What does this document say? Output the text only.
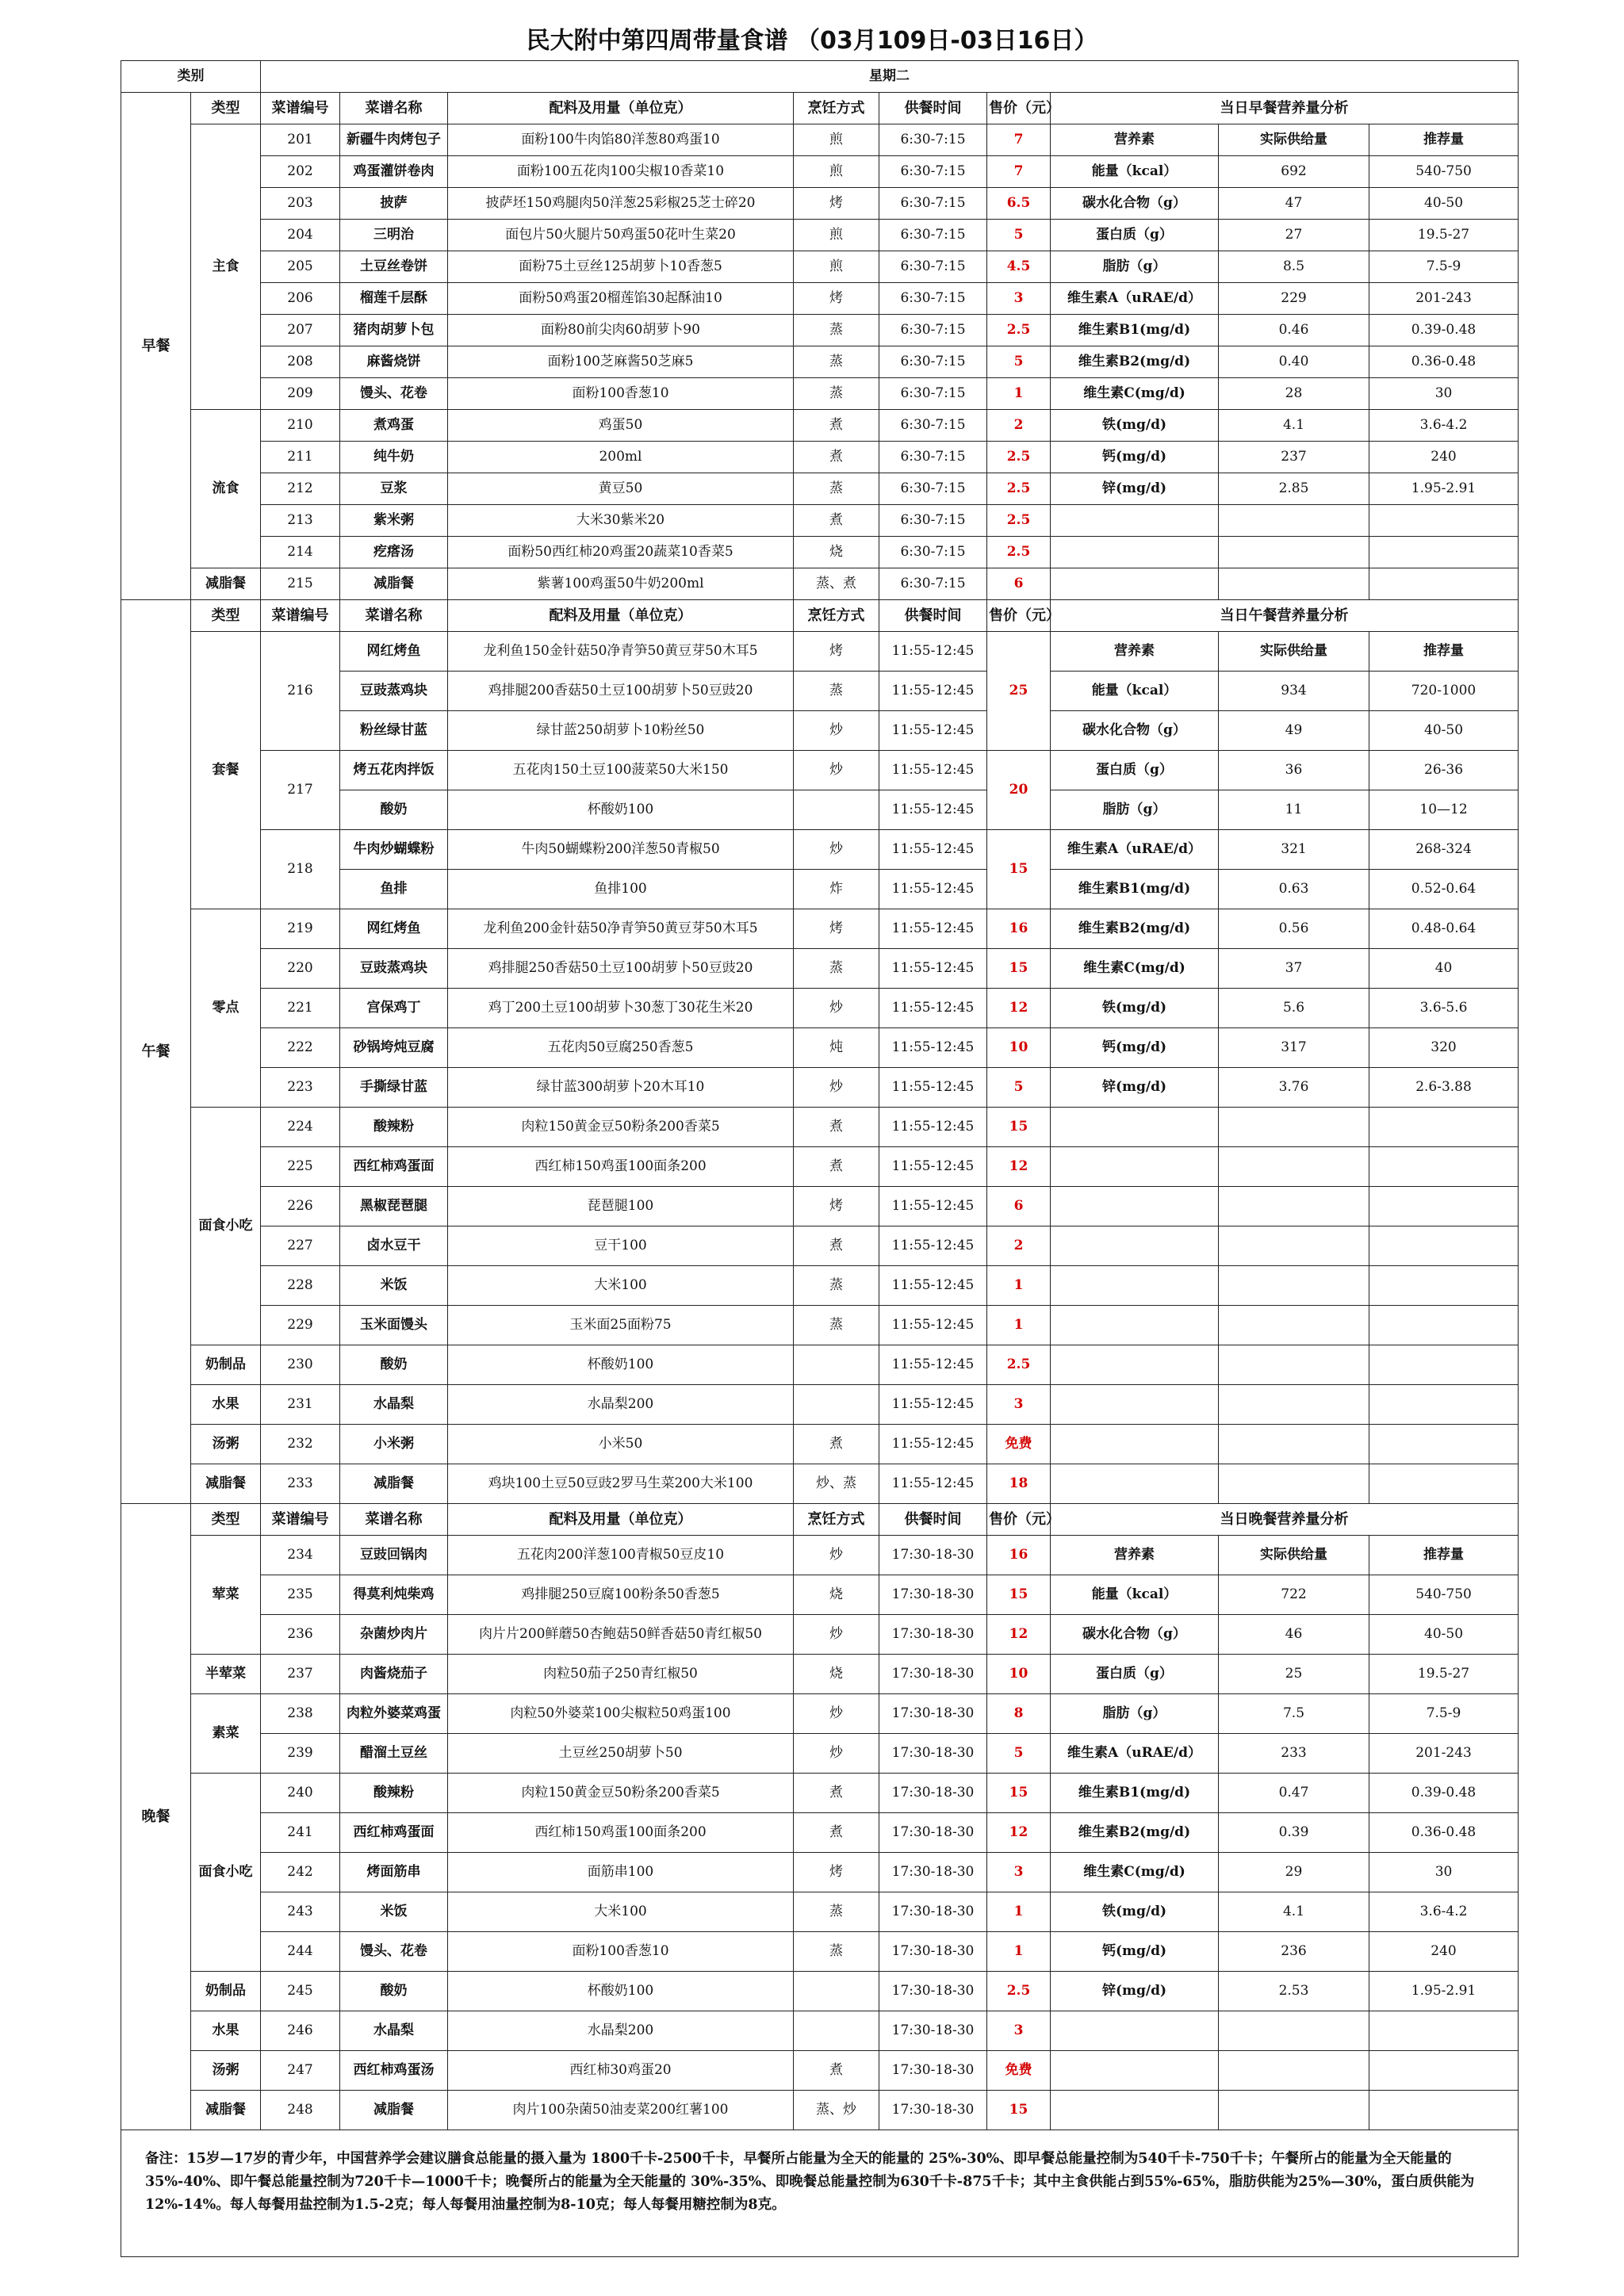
民大附中第四周带量食谱 （03月109日-03日16日）
类别		星期二								
早餐	类型	菜谱编号	菜谱名称	配料及用量（单位克）	烹饪方式	供餐时间	售价（元）	当日早餐营养量分析		
	主食	201	新疆牛肉烤包子	面粉100牛肉馅80洋葱80鸡蛋10	煎	6:30-7:15	7	营养素	实际供给量	推荐量
		202	鸡蛋灌饼卷肉	面粉100五花肉100尖椒10香菜10	煎	6:30-7:15	7	能量（kcal）	692	540-750
		203	披萨	披萨坯150鸡腿肉50洋葱25彩椒25芝士碎20	烤	6:30-7:15	6.5	碳水化合物（g）	47	40-50
		204	三明治	面包片50火腿片50鸡蛋50花叶生菜20	煎	6:30-7:15	5	蛋白质（g）	27	19.5-27
		205	土豆丝卷饼	面粉75土豆丝125胡萝卜10香葱5	煎	6:30-7:15	4.5	脂肪（g）	8.5	7.5-9
		206	榴莲千层酥	面粉50鸡蛋20榴莲馅30起酥油10	烤	6:30-7:15	3	维生素A（uRAE/d）	229	201-243
		207	猪肉胡萝卜包	面粉80前尖肉60胡萝卜90	蒸	6:30-7:15	2.5	维生素B1(mg/d)	0.46	0.39-0.48
		208	麻酱烧饼	面粉100芝麻酱50芝麻5	蒸	6:30-7:15	5	维生素B2(mg/d)	0.40	0.36-0.48
		209	馒头、花卷	面粉100香葱10	蒸	6:30-7:15	1	维生素C(mg/d)	28	30
	流食	210	煮鸡蛋	鸡蛋50	煮	6:30-7:15	2	铁(mg/d)	4.1	3.6-4.2
		211	纯牛奶	200ml	煮	6:30-7:15	2.5	钙(mg/d)	237	240
		212	豆浆	黄豆50	蒸	6:30-7:15	2.5	锌(mg/d)	2.85	1.95-2.91
		213	紫米粥	大米30紫米20	煮	6:30-7:15	2.5			
		214	疙瘩汤	面粉50西红柿20鸡蛋20蔬菜10香菜5	烧	6:30-7:15	2.5			
	减脂餐	215	减脂餐	紫薯100鸡蛋50牛奶200ml	蒸、煮	6:30-7:15	6			
午餐	类型	菜谱编号	菜谱名称	配料及用量（单位克）	烹饪方式	供餐时间	售价（元）	当日午餐营养量分析		
	套餐	216	网红烤鱼	龙利鱼150金针菇50净青笋50黄豆芽50木耳5	烤	11:55-12:45	25	营养素	实际供给量	推荐量
			豆豉蒸鸡块	鸡排腿200香菇50土豆100胡萝卜50豆豉20	蒸	11:55-12:45		能量（kcal）	934	720-1000
			粉丝绿甘蓝	绿甘蓝250胡萝卜10粉丝50	炒	11:55-12:45		碳水化合物（g）	49	40-50
		217	烤五花肉拌饭	五花肉150土豆100菠菜50大米150	炒	11:55-12:45	20	蛋白质（g）	36	26-36
			酸奶	杯酸奶100		11:55-12:45		脂肪（g）	11	10—12
		218	牛肉炒蝴蝶粉	牛肉50蝴蝶粉200洋葱50青椒50	炒	11:55-12:45	15	维生素A（uRAE/d）	321	268-324
			鱼排	鱼排100	炸	11:55-12:45		维生素B1(mg/d)	0.63	0.52-0.64
	零点	219	网红烤鱼	龙利鱼200金针菇50净青笋50黄豆芽50木耳5	烤	11:55-12:45	16	维生素B2(mg/d)	0.56	0.48-0.64
		220	豆豉蒸鸡块	鸡排腿250香菇50土豆100胡萝卜50豆豉20	蒸	11:55-12:45	15	维生素C(mg/d)	37	40
		221	宫保鸡丁	鸡丁200土豆100胡萝卜30葱丁30花生米20	炒	11:55-12:45	12	铁(mg/d)	5.6	3.6-5.6
		222	砂锅垮炖豆腐	五花肉50豆腐250香葱5	炖	11:55-12:45	10	钙(mg/d)	317	320
		223	手撕绿甘蓝	绿甘蓝300胡萝卜20木耳10	炒	11:55-12:45	5	锌(mg/d)	3.76	2.6-3.88
	面食小吃	224	酸辣粉	肉粒150黄金豆50粉条200香菜5	煮	11:55-12:45	15			
		225	西红柿鸡蛋面	西红柿150鸡蛋100面条200	煮	11:55-12:45	12			
		226	黑椒琵琶腿	琵琶腿100	烤	11:55-12:45	6			
		227	卤水豆干	豆干100	煮	11:55-12:45	2			
		228	米饭	大米100	蒸	11:55-12:45	1			
		229	玉米面馒头	玉米面25面粉75	蒸	11:55-12:45	1			
	奶制品	230	酸奶	杯酸奶100		11:55-12:45	2.5			
	水果	231	水晶梨	水晶梨200		11:55-12:45	3			
	汤粥	232	小米粥	小米50	煮	11:55-12:45	免费			
	减脂餐	233	减脂餐	鸡块100土豆50豆豉2罗马生菜200大米100	炒、蒸	11:55-12:45	18			
晚餐	类型	菜谱编号	菜谱名称	配料及用量（单位克）	烹饪方式	供餐时间	售价（元）	当日晚餐营养量分析		
	荤菜	234	豆豉回锅肉	五花肉200洋葱100青椒50豆皮10	炒	17:30-18-30	16	营养素	实际供给量	推荐量
		235	得莫利炖柴鸡	鸡排腿250豆腐100粉条50香葱5	烧	17:30-18-30	15	能量（kcal）	722	540-750
		236	杂菌炒肉片	肉片片200鲜蘑50杏鲍菇50鲜香菇50青红椒50	炒	17:30-18-30	12	碳水化合物（g）	46	40-50
	半荤菜	237	肉酱烧茄子	肉粒50茄子250青红椒50	烧	17:30-18-30	10	蛋白质（g）	25	19.5-27
	素菜	238	肉粒外婆菜鸡蛋	肉粒50外婆菜100尖椒粒50鸡蛋100	炒	17:30-18-30	8	脂肪（g）	7.5	7.5-9
		239	醋溜土豆丝	土豆丝250胡萝卜50	炒	17:30-18-30	5	维生素A（uRAE/d）	233	201-243
	面食小吃	240	酸辣粉	肉粒150黄金豆50粉条200香菜5	煮	17:30-18-30	15	维生素B1(mg/d)	0.47	0.39-0.48
		241	西红柿鸡蛋面	西红柿150鸡蛋100面条200	煮	17:30-18-30	12	维生素B2(mg/d)	0.39	0.36-0.48
		242	烤面筋串	面筋串100	烤	17:30-18-30	3	维生素C(mg/d)	29	30
		243	米饭	大米100	蒸	17:30-18-30	1	铁(mg/d)	4.1	3.6-4.2
		244	馒头、花卷	面粉100香葱10	蒸	17:30-18-30	1	钙(mg/d)	236	240
	奶制品	245	酸奶	杯酸奶100		17:30-18-30	2.5	锌(mg/d)	2.53	1.95-2.91
	水果	246	水晶梨	水晶梨200		17:30-18-30	3			
	汤粥	247	西红柿鸡蛋汤	西红柿30鸡蛋20	煮	17:30-18-30	免费			
	减脂餐	248	减脂餐	肉片100杂菌50油麦菜200红薯100	蒸、炒	17:30-18-30	15			
备注：15岁—17岁的青少年，中国营养学会建议膳食总能量的摄入量为 1800千卡-2500千卡，早餐所占能量为全天的能量的 25%-30%、即早餐总能量控制为540千卡-750千卡；午餐所占的能量为全天能量的35%-40%、即午餐总能量控制为720千卡—1000千卡；晚餐所占的能量为全天能量的 30%-35%、即晚餐总能量控制为630千卡-875千卡；其中主食供能占到55%-65%，脂肪供能为25%—30%，蛋白质供能为12%-14%。每人每餐用盐控制为1.5-2克；每人每餐用油量控制为8-10克；每人每餐用糖控制为8克。										
